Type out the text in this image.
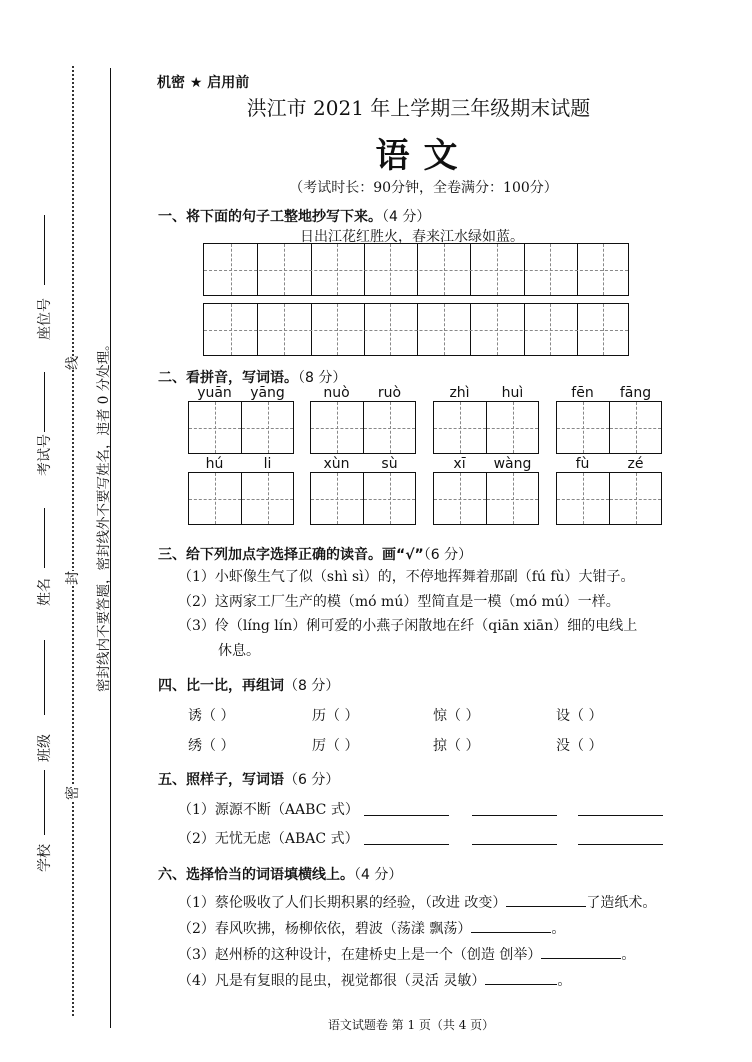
座位号
考试号
姓名
班级
学校
线
封
密
密封线内不要答题，密封线外不要写姓名，违者 0 分处理。
机密 ★ 启用前
洪江市 2021 年上学期三年级期末试题
语文
（考试时长：90分钟，全卷满分：100分）
一、将下面的句子工整地抄写下来。（4 分）
日出江花红胜火，春来江水绿如蓝。
二、看拼音，写词语。（8 分）
yuān	yāng	nuò	ruò	zhì	huì	fēn	fāng
hú	li	xùn	sù	xī	wàng	fù	zé
三、给下列加点字选择正确的读音。画“√”（6 分）
（1）小虾像生气了似（shì sì）的，不停地挥舞着那副（fú fù）大钳子。
（2）这两家工厂生产的模（mó mú）型简直是一模（mó mú）一样。
（3）伶（líng lín）俐可爱的小燕子闲散地在纤（qiān xiān）细的电线上
休息。
四、比一比，再组词（8 分）
诱（ ）	历（ ）	惊（ ）	设（ ）
绣（ ）	厉（ ）	掠（ ）	没（ ）
五、照样子，写词语（6 分）
（1）源源不断（AABC 式）
（2）无忧无虑（ABAC 式）
六、选择恰当的词语填横线上。（4 分）
（1）蔡伦吸收了人们长期积累的经验，（改进 改变）	了造纸术。
（2）春风吹拂，杨柳依依，碧波（荡漾 飘荡）	。
（3）赵州桥的这种设计，在建桥史上是一个（创造 创举）	。
（4）凡是有复眼的昆虫，视觉都很（灵活 灵敏）	。
语文试题卷 第 1 页（共 4 页）
